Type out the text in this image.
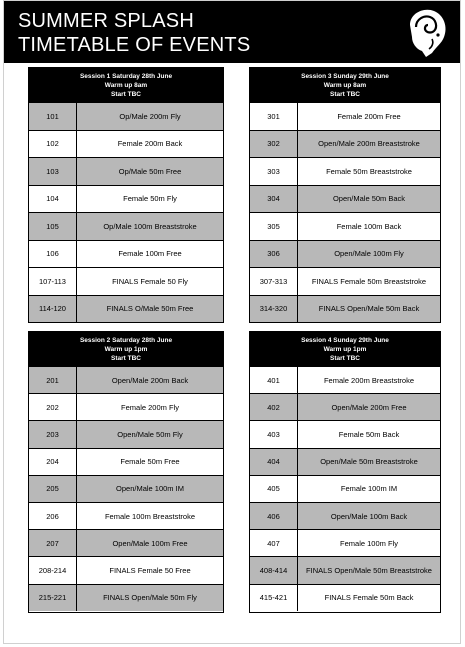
SUMMER SPLASH
TIMETABLE OF EVENTS
Session 1 Saturday 28th June
Warm up 8am
Start TBC
101	Op/Male 200m Fly
102	Female 200m Back
103	Op/Male 50m Free
104	Female 50m Fly
105	Op/Male 100m Breaststroke
106	Female 100m Free
107-113	FINALS Female 50 Fly
114-120	FINALS O/Male 50m Free
Session 3 Sunday 29th June
Warm up 8am
Start TBC
301	Female 200m Free
302	Open/Male 200m Breaststroke
303	Female 50m Breaststroke
304	Open/Male 50m Back
305	Female 100m Back
306	Open/Male 100m Fly
307-313	FINALS Female 50m Breaststroke
314-320	FINALS Open/Male 50m Back
Session 2 Saturday 28th June
Warm up 1pm
Start TBC
201	Open/Male 200m Back
202	Female 200m Fly
203	Open/Male 50m Fly
204	Female 50m Free
205	Open/Male 100m IM
206	Female 100m Breaststroke
207	Open/Male 100m Free
208-214	FINALS Female 50 Free
215-221	FINALS Open/Male 50m Fly
Session 4 Sunday 29th June
Warm up 1pm
Start TBC
401	Female 200m Breaststroke
402	Open/Male 200m Free
403	Female 50m Back
404	Open/Male 50m Breaststroke
405	Female 100m IM
406	Open/Male 100m Back
407	Female 100m Fly
408-414	FINALS Open/Male 50m Breaststroke
415-421	FINALS Female 50m Back
